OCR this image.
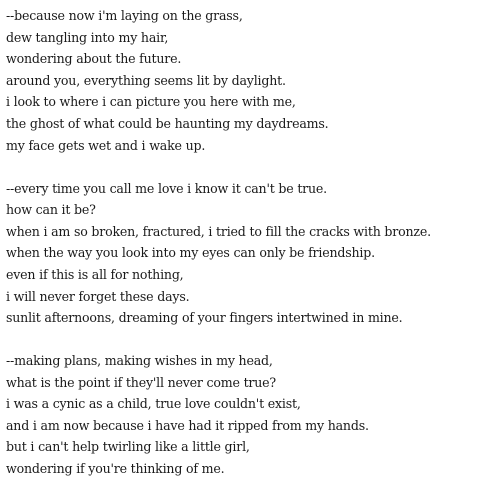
--because now i'm laying on the grass,
dew tangling into my hair,
wondering about the future.
around you, everything seems lit by daylight.
i look to where i can picture you here with me,
the ghost of what could be haunting my daydreams.
my face gets wet and i wake up.
--every time you call me love i know it can't be true.
how can it be?
when i am so broken, fractured, i tried to fill the cracks with bronze.
when the way you look into my eyes can only be friendship.
even if this is all for nothing,
i will never forget these days.
sunlit afternoons, dreaming of your fingers intertwined in mine.
--making plans, making wishes in my head,
what is the point if they'll never come true?
i was a cynic as a child, true love couldn't exist,
and i am now because i have had it ripped from my hands.
but i can't help twirling like a little girl,
wondering if you're thinking of me.
